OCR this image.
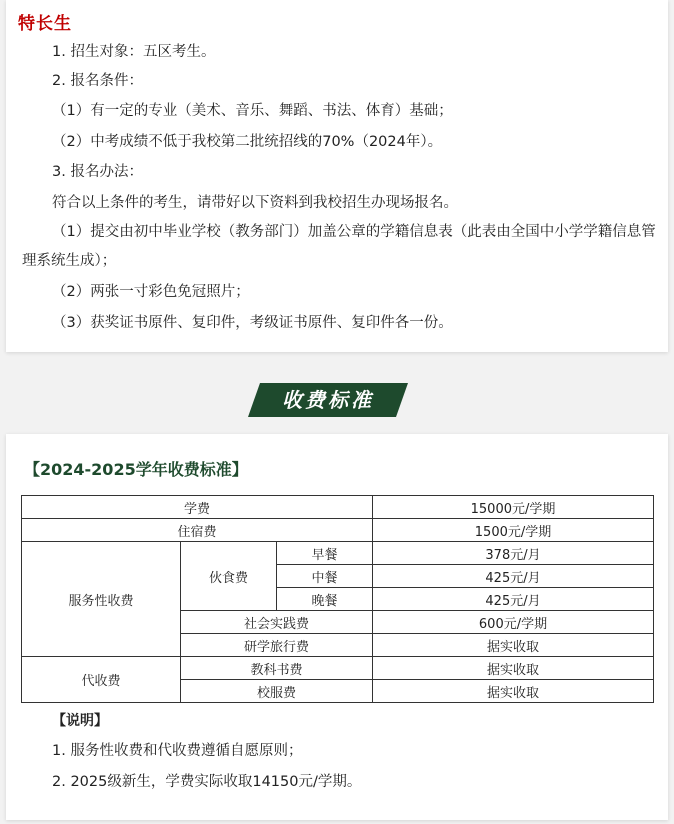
特长生
1. 招生对象：五区考生。
2. 报名条件：
（1）有一定的专业（美术、音乐、舞蹈、书法、体育）基础；
（2）中考成绩不低于我校第二批统招线的70%（2024年）。
3. 报名办法：
符合以上条件的考生，请带好以下资料到我校招生办现场报名。
（1）提交由初中毕业学校（教务部门）加盖公章的学籍信息表（此表由全国中小学学籍信息管理系统生成）；
（2）两张一寸彩色免冠照片；
（3）获奖证书原件、复印件，考级证书原件、复印件各一份。
收费标准
【2024-2025学年收费标准】
学费			15000元/学期
住宿费			1500元/学期
服务性收费	伙食费	早餐	378元/月
		中餐	425元/月
		晚餐	425元/月
	社会实践费		600元/学期
	研学旅行费		据实收取
代收费	教科书费		据实收取
	校服费		据实收取
【说明】
1. 服务性收费和代收费遵循自愿原则；
2. 2025级新生，学费实际收取14150元/学期。
